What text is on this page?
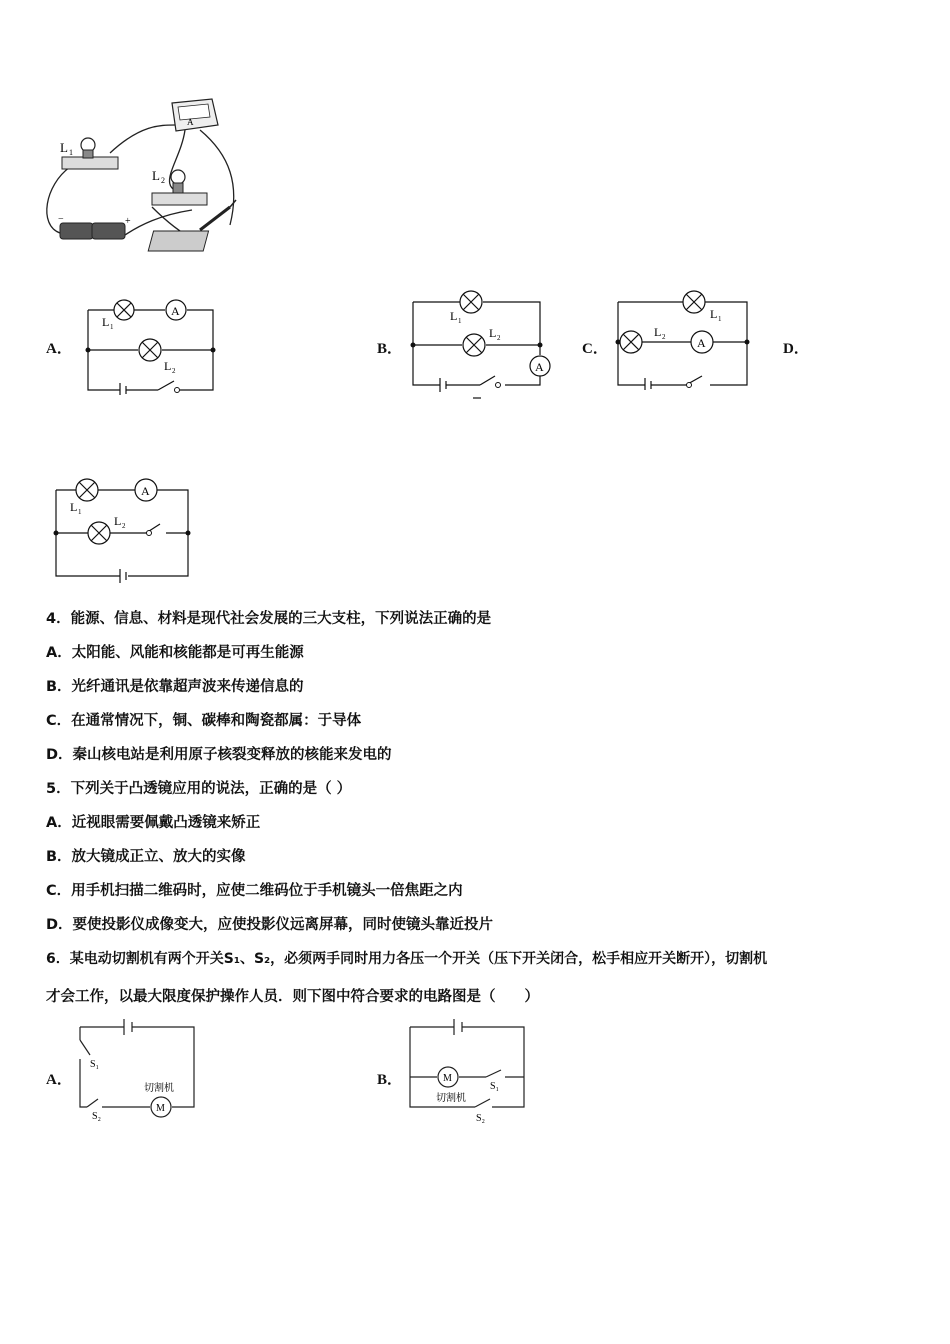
L 1
L 2
A
−	+
A．
A
L 1
L 2
B．
A
L 1
L 2
C．	A
L 1
L 2
D．
A
L 1
L 2
4．能源、信息、材料是现代社会发展的三大支柱，下列说法正确的是
A．太阳能、风能和核能都是可再生能源
B．光纤通讯是依靠超声波来传递信息的
C．在通常情况下，铜、碳棒和陶瓷都属：于导体
D．秦山核电站是利用原子核裂变释放的核能来发电的
5．下列关于凸透镜应用的说法，正确的是（ ）
A．近视眼需要佩戴凸透镜来矫正
B．放大镜成正立、放大的实像
C．用手机扫描二维码时，应使二维码位于手机镜头一倍焦距之内
D．要使投影仪成像变大，应使投影仪远离屏幕，同时使镜头靠近投片
6．某电动切割机有两个开关S₁、S₂，必须两手同时用力各压一个开关（压下开关闭合，松手相应开关断开），切割机
才会工作，以最大限度保护操作人员．则下图中符合要求的电路图是（　　）
A．
M
切割机
S₁
S₂
B．	M
切割机
S₁
S₂
